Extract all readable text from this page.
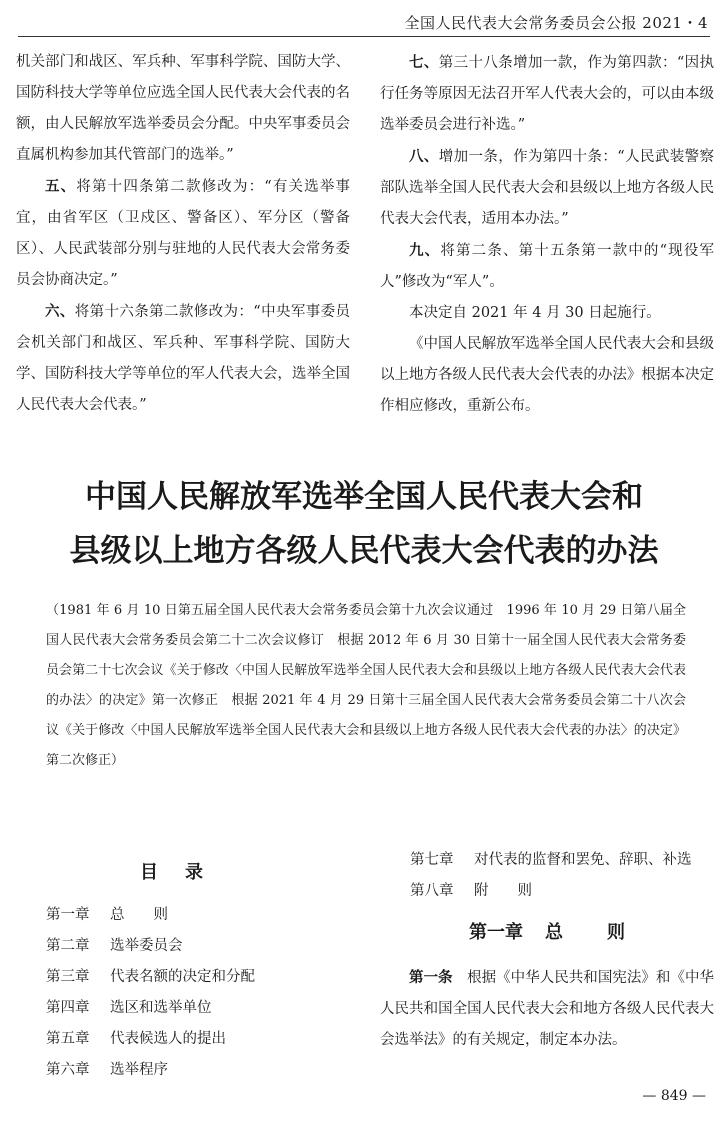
全国人民代表大会常务委员会公报 2021・4

机关部门和战区、军兵种、军事科学院、国防大学、国防科技大学等单位应选全国人民代表大会代表的名额，由人民解放军选举委员会分配。中央军事委员会直属机构参加其代管部门的选举。”

五、将第十四条第二款修改为：“有关选举事宜，由省军区（卫戍区、警备区）、军分区（警备区）、人民武装部分别与驻地的人民代表大会常务委员会协商决定。”

六、将第十六条第二款修改为：“中央军事委员会机关部门和战区、军兵种、军事科学院、国防大学、国防科技大学等单位的军人代表大会，选举全国人民代表大会代表。”

七、第三十八条增加一款，作为第四款：“因执行任务等原因无法召开军人代表大会的，可以由本级选举委员会进行补选。”

八、增加一条，作为第四十条：“人民武装警察部队选举全国人民代表大会和县级以上地方各级人民代表大会代表，适用本办法。”

九、将第二条、第十五条第一款中的“现役军人”修改为“军人”。

本决定自 2021 年 4 月 30 日起施行。

《中国人民解放军选举全国人民代表大会和县级以上地方各级人民代表大会代表的办法》根据本决定作相应修改，重新公布。

中国人民解放军选举全国人民代表大会和
县级以上地方各级人民代表大会代表的办法
（1981 年 6 月 10 日第五届全国人民代表大会常务委员会第十九次会议通过　1996 年 10 月 29 日第八届全国人民代表大会常务委员会第二十二次会议修订　根据 2012 年 6 月 30 日第十一届全国人民代表大会常务委员会第二十七次会议《关于修改〈中国人民解放军选举全国人民代表大会和县级以上地方各级人民代表大会代表的办法〉的决定》第一次修正　根据 2021 年 4 月 29 日第十三届全国人民代表大会常务委员会第二十八次会议《关于修改〈中国人民解放军选举全国人民代表大会和县级以上地方各级人民代表大会代表的办法〉的决定》第二次修正）
目录
第一章 总　　则
第二章 选举委员会
第三章 代表名额的决定和分配
第四章 选区和选举单位
第五章 代表候选人的提出
第六章 选举程序
第七章 对代表的监督和罢免、辞职、补选
第八章 附　　则
第一章 总 则

第一条　 根据《中华人民共和国宪法》和《中华人民共和国全国人民代表大会和地方各级人民代表大会选举法》的有关规定，制定本办法。

— 849 —
